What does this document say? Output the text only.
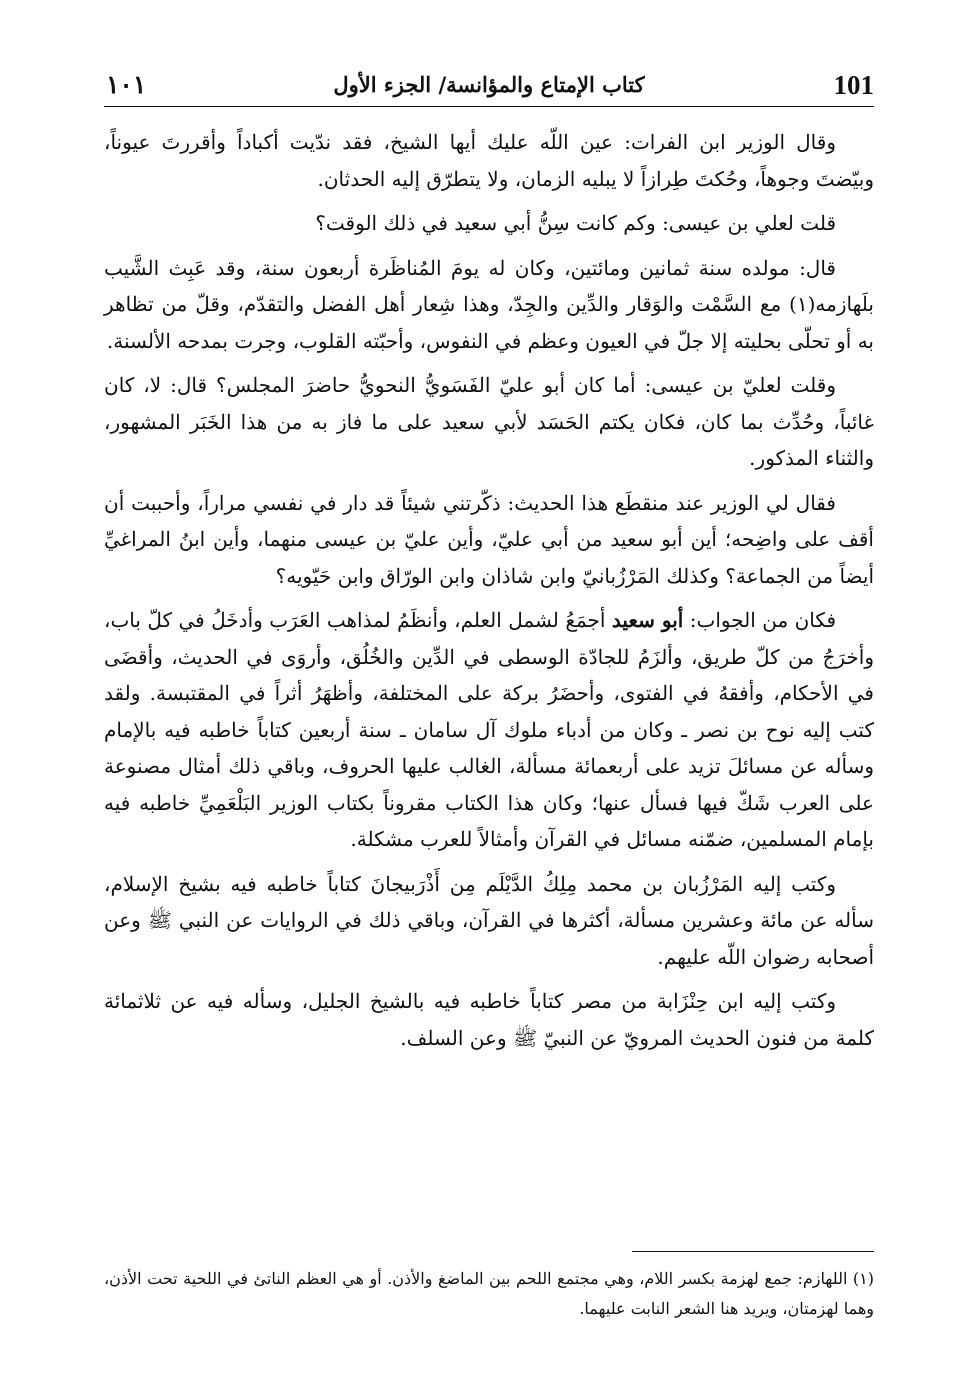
101
كتاب الإمتاع والمؤانسة/ الجزء الأول
١٠١

وقال الوزير ابن الفرات: عين اللّه عليك أيها الشيخ، فقد ندّيت أكباداً وأقررتَ عيوناً، وبيّضتَ وجوهاً، وحُكتَ طِرازاً لا يبليه الزمان، ولا يتطرّق إليه الحدثان.

قلت لعلي بن عيسى: وكم كانت سِنُّ أبي سعيد في ذلك الوقت؟

قال: مولده سنة ثمانين ومائتين، وكان له يومَ المُناظَرة أربعون سنة، وقد عَبِث الشَّيب بلَهازمه(١) مع السَّمْت والوَقار والدِّين والجِدّ، وهذا شِعار أهل الفضل والتقدّم، وقلّ من تظاهر به أو تحلّى بحليته إلا جلّ في العيون وعظم في النفوس، وأحبّته القلوب، وجرت بمدحه الألسنة.

وقلت لعليّ بن عيسى: أما كان أبو عليّ الفَسَويُّ النحويُّ حاضرَ المجلس؟ قال: لا، كان غائباً، وحُدِّث بما كان، فكان يكتم الحَسَد لأبي سعيد على ما فاز به من هذا الخَبَر المشهور، والثناء المذكور.

فقال لي الوزير عند منقطَع هذا الحديث: ذكّرتني شيئاً قد دار في نفسي مراراً، وأحببت أن أقف على واضِحه؛ أين أبو سعيد من أبي عليّ، وأين عليّ بن عيسى منهما، وأين ابنُ المراغيِّ أيضاً من الجماعة؟ وكذلك المَرْزُبانيّ وابن شاذان وابن الورّاق وابن حَيّويه؟

فكان من الجواب: أبو سعيد أجمَعُ لشمل العلم، وأنظَمُ لمذاهب العَرَب وأدخَلُ في كلّ باب، وأخرَجُ من كلّ طريق، وألزَمُ للجادّة الوسطى في الدِّين والخُلُق، وأروَى في الحديث، وأقضَى في الأحكام، وأفقهُ في الفتوى، وأحضَرُ بركة على المختلفة، وأظهَرُ أثراً في المقتبسة. ولقد كتب إليه نوح بن نصر ـ وكان من أدباء ملوك آل سامان ـ سنة أربعين كتاباً خاطبه فيه بالإمام وسأله عن مسائلَ تزيد على أربعمائة مسألة، الغالب عليها الحروف، وباقي ذلك أمثال مصنوعة على العرب شَكّ فيها فسأل عنها؛ وكان هذا الكتاب مقروناً بكتاب الوزير البَلْعَمِيِّ خاطبه فيه بإمام المسلمين، ضمّنه مسائل في القرآن وأمثالاً للعرب مشكلة.

وكتب إليه المَرْزُبان بن محمد مِلِكُ الدَّيْلَم مِن أَذْرَبيجانَ كتاباً خاطبه فيه بشيخ الإسلام، سأله عن مائة وعشرين مسألة، أكثرها في القرآن، وباقي ذلك في الروايات عن النبي ﷺ وعن أصحابه رضوان اللّه عليهم.

وكتب إليه ابن حِنْزَابة من مصر كتاباً خاطبه فيه بالشيخ الجليل، وسأله فيه عن ثلاثمائة كلمة من فنون الحديث المرويّ عن النبيّ ﷺ وعن السلف.

(١) اللهازم: جمع لهزمة بكسر اللام، وهي مجتمع اللحم بين الماضغ والأذن. أو هي العظم الناتئ في اللحية تحت الأذن، وهما لهزمتان، ويريد هنا الشعر النابت عليهما.
